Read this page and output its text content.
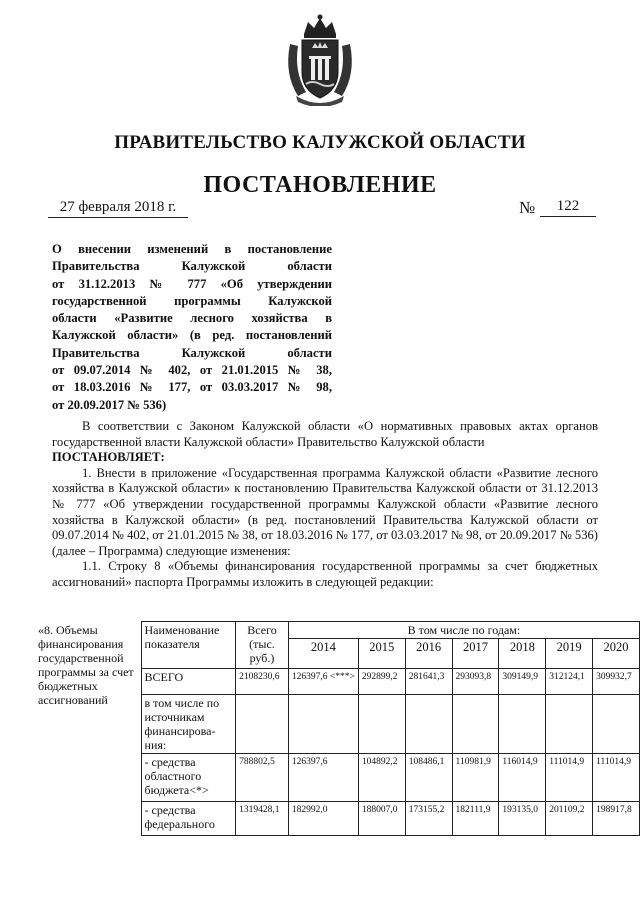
ПРАВИТЕЛЬСТВО КАЛУЖСКОЙ ОБЛАСТИ
ПОСТАНОВЛЕНИЕ
27 февраля 2018 г.	№	122
О внесении изменений в постановление
Правительства Калужской области
от 31.12.2013 № 777 «Об утверждении
государственной программы Калужской
области «Развитие лесного хозяйства в
Калужской области» (в ред. постановлений
Правительства Калужской области
от 09.07.2014 № 402, от 21.01.2015 № 38,
от 18.03.2016 № 177, от 03.03.2017 № 98,
от 20.09.2017 № 536)

В соответствии с Законом Калужской области «О нормативных правовых актах органов государственной власти Калужской области» Правительство Калужской области

ПОСТАНОВЛЯЕТ:

1. Внести в приложение «Государственная программа Калужской области «Развитие лесного хозяйства в Калужской области» к постановлению Правительства Калужской области от 31.12.2013 № 777 «Об утверждении государственной программы Калужской области «Развитие лесного хозяйства в Калужской области» (в ред. постановлений Правительства Калужской области от 09.07.2014 № 402, от 21.01.2015 № 38, от 18.03.2016 № 177, от 03.03.2017 № 98, от 20.09.2017 № 536) (далее – Программа) следующие изменения:

1.1. Строку 8 «Объемы финансирования государственной программы за счет бюджетных ассигнований» паспорта Программы изложить в следующей редакции:

«8. Объемы финансирования государственной программы за счет бюджетных ассигнований	Наименование показателя	Всего (тыс. руб.)	В том числе по годам:						
			2014	2015	2016	2017	2018	2019	2020
	ВСЕГО	2108230,6	126397,6 <***>	292899,2	281641,3	293093,8	309149,9	312124,1	309932,7
	в том числе по источникам финансирова-ния:								
	- средства областного бюджета<*>	788802,5	126397,6	104892,2	108486,1	110981,9	116014,9	111014,9	111014,9
	- средства федерального	1319428,1	182992,0	188007,0	173155,2	182111,9	193135,0	201109,2	198917,8
